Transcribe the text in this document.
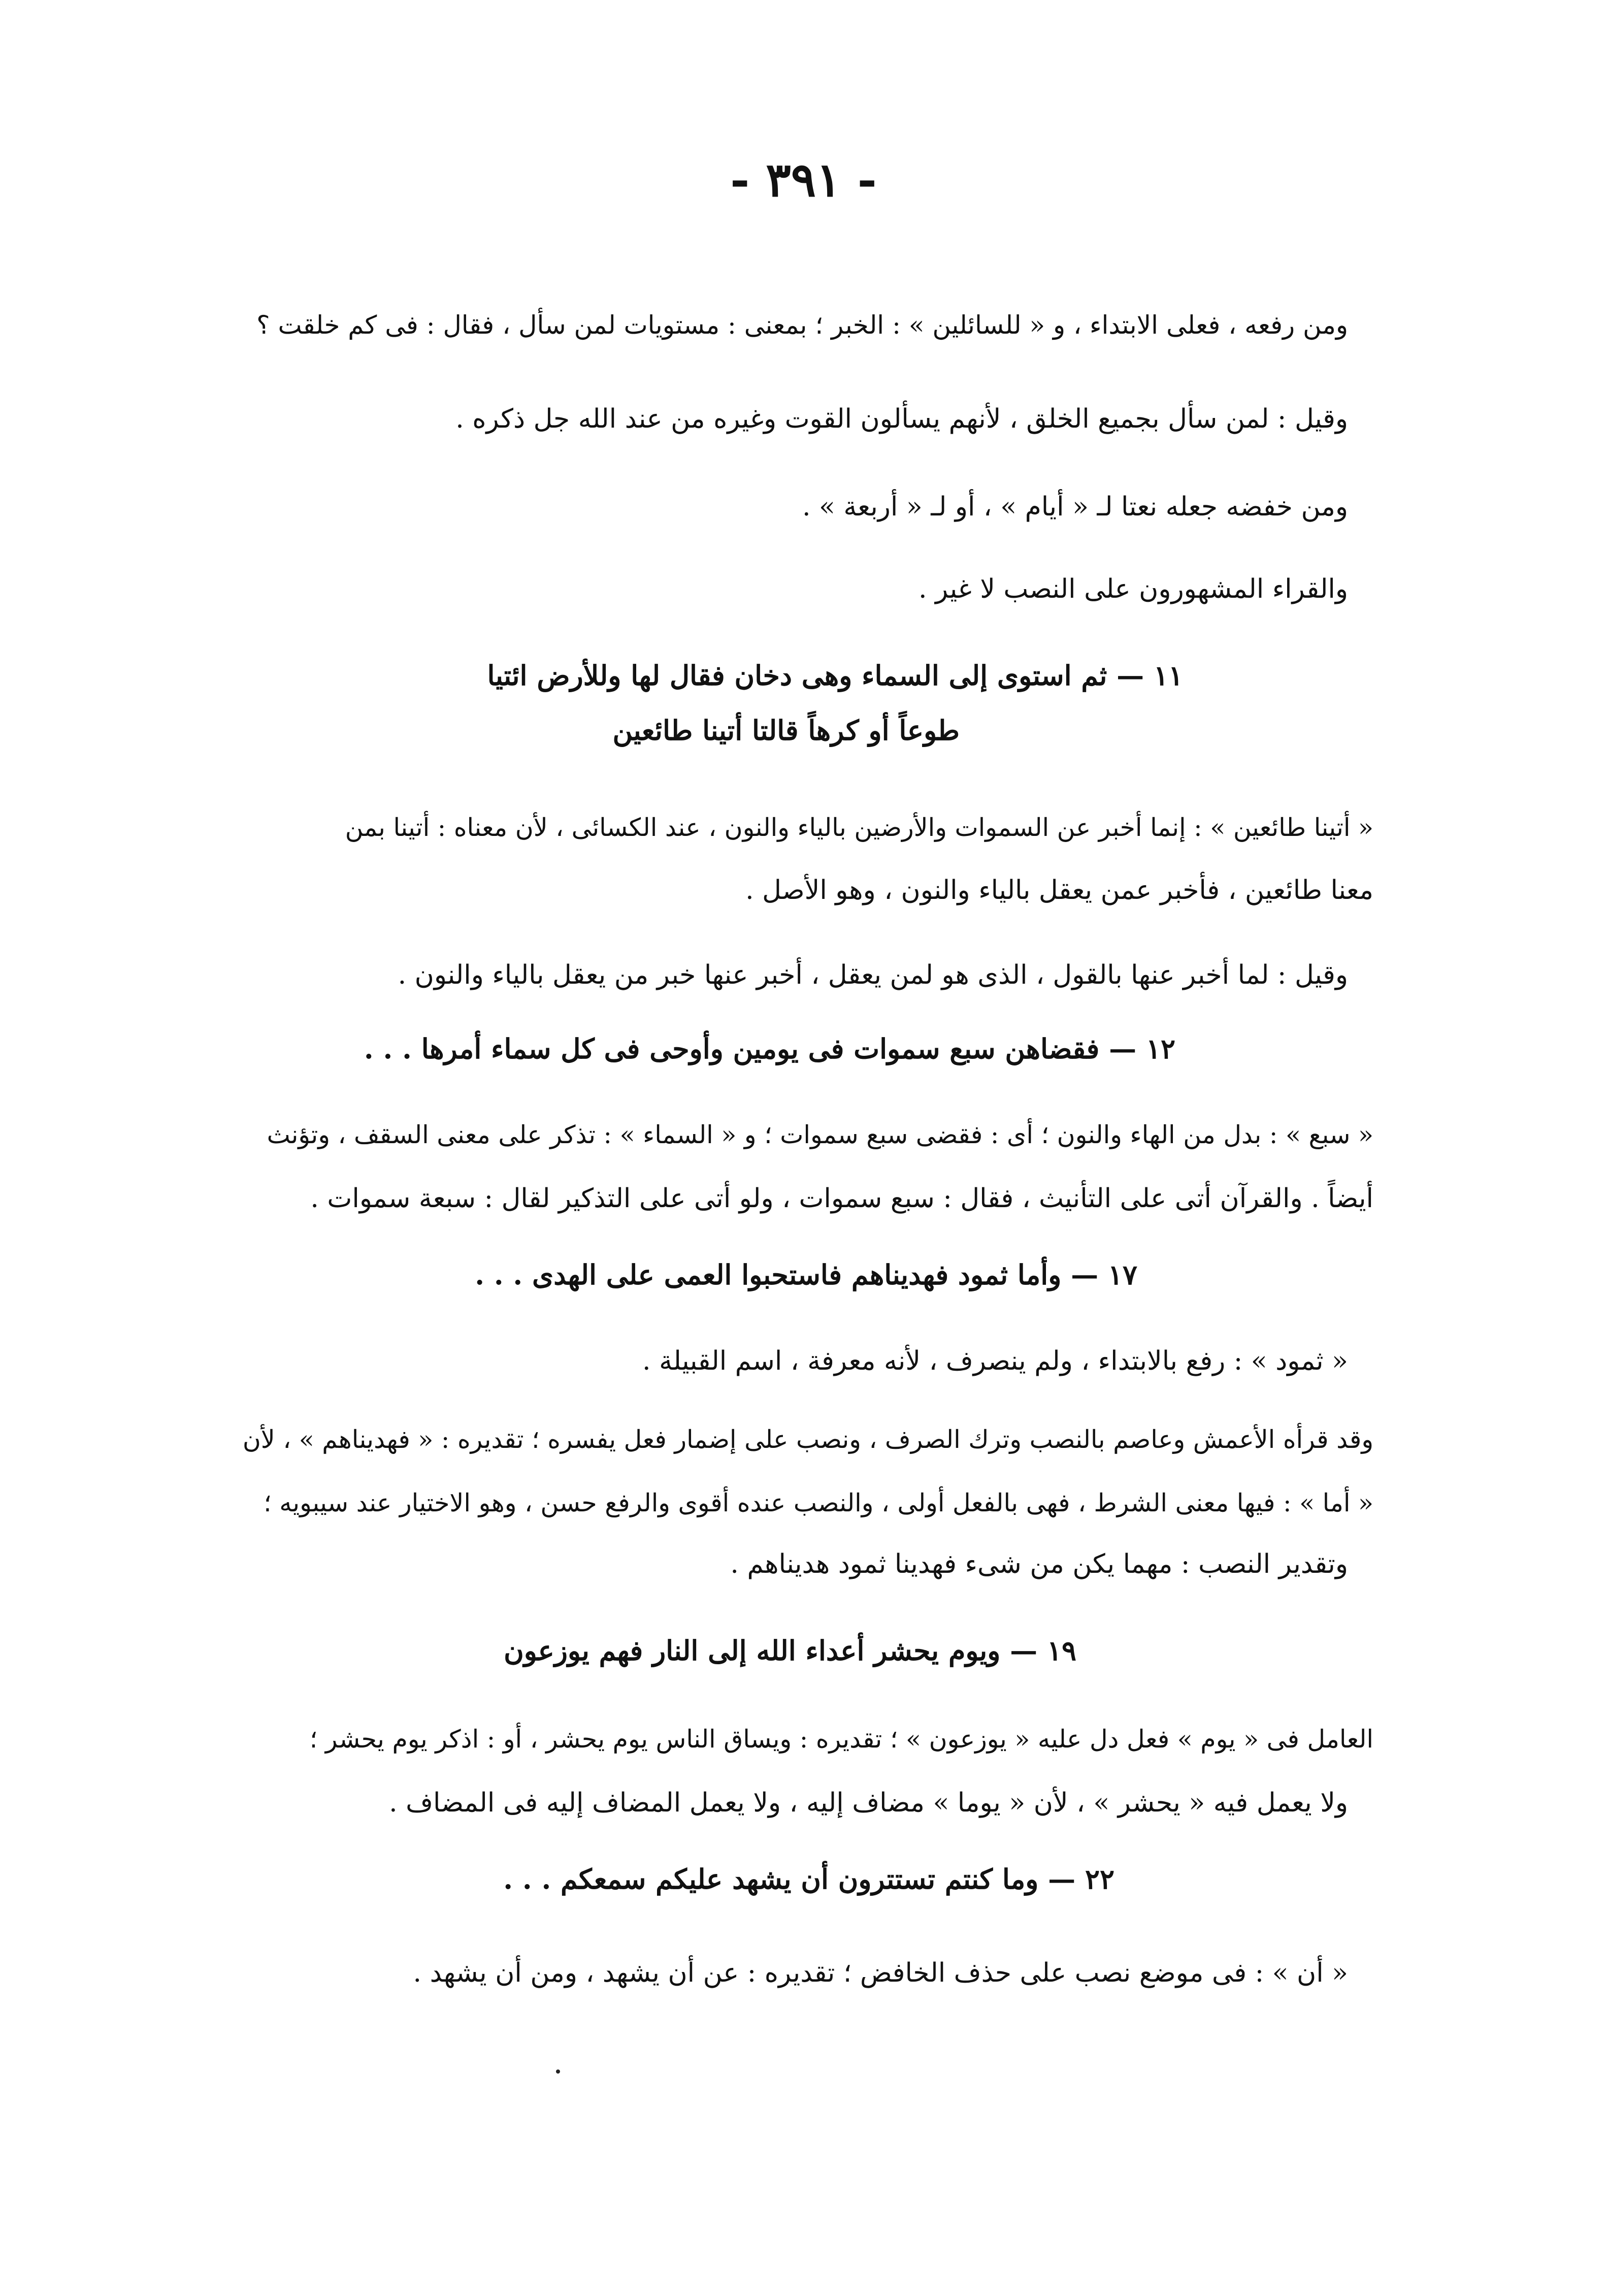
- ٣٩١ -
ومن رفعه ، فعلى الابتداء ، و « للسائلين » : الخبر ؛ بمعنى : مستويات لمن سأل ، فقال : فى كم خلقت ؟
وقيل : لمن سأل بجميع الخلق ، لأنهم يسألون القوت وغيره من عند الله جل ذكره .
ومن خفضه جعله نعتا لـ « أيام » ، أو لـ « أربعة » .
والقراء المشهورون على النصب لا غير .
١١ — ثم استوى إلى السماء وهى دخان فقال لها وللأرض ائتيا
طوعاً أو كرهاً قالتا أتينا طائعين
« أتينا طائعين » : إنما أخبر عن السموات والأرضين بالياء والنون ، عند الكسائى ، لأن معناه : أتينا بمن
معنا طائعين ، فأخبر عمن يعقل بالياء والنون ، وهو الأصل .
وقيل : لما أخبر عنها بالقول ، الذى هو لمن يعقل ، أخبر عنها خبر من يعقل بالياء والنون .
١٢ — فقضاهن سبع سموات فى يومين وأوحى فى كل سماء أمرها . . .
« سبع » : بدل من الهاء والنون ؛ أى : فقضى سبع سموات ؛ و « السماء » : تذكر على معنى السقف ، وتؤنث
أيضاً . والقرآن أتى على التأنيث ، فقال : سبع سموات ، ولو أتى على التذكير لقال : سبعة سموات .
١٧ — وأما ثمود فهديناهم فاستحبوا العمى على الهدى . . .
« ثمود » : رفع بالابتداء ، ولم ينصرف ، لأنه معرفة ، اسم القبيلة .
وقد قرأه الأعمش وعاصم بالنصب وترك الصرف ، ونصب على إضمار فعل يفسره ؛ تقديره : « فهديناهم » ، لأن
« أما » : فيها معنى الشرط ، فهى بالفعل أولى ، والنصب عنده أقوى والرفع حسن ، وهو الاختيار عند سيبويه ؛
وتقدير النصب : مهما يكن من شىء فهدينا ثمود هديناهم .
١٩ — ويوم يحشر أعداء الله إلى النار فهم يوزعون
العامل فى « يوم » فعل دل عليه « يوزعون » ؛ تقديره : ويساق الناس يوم يحشر ، أو : اذكر يوم يحشر ؛
ولا يعمل فيه « يحشر » ، لأن « يوما » مضاف إليه ، ولا يعمل المضاف إليه فى المضاف .
٢٢ — وما كنتم تستترون أن يشهد عليكم سمعكم . . .
« أن » : فى موضع نصب على حذف الخافض ؛ تقديره : عن أن يشهد ، ومن أن يشهد .
